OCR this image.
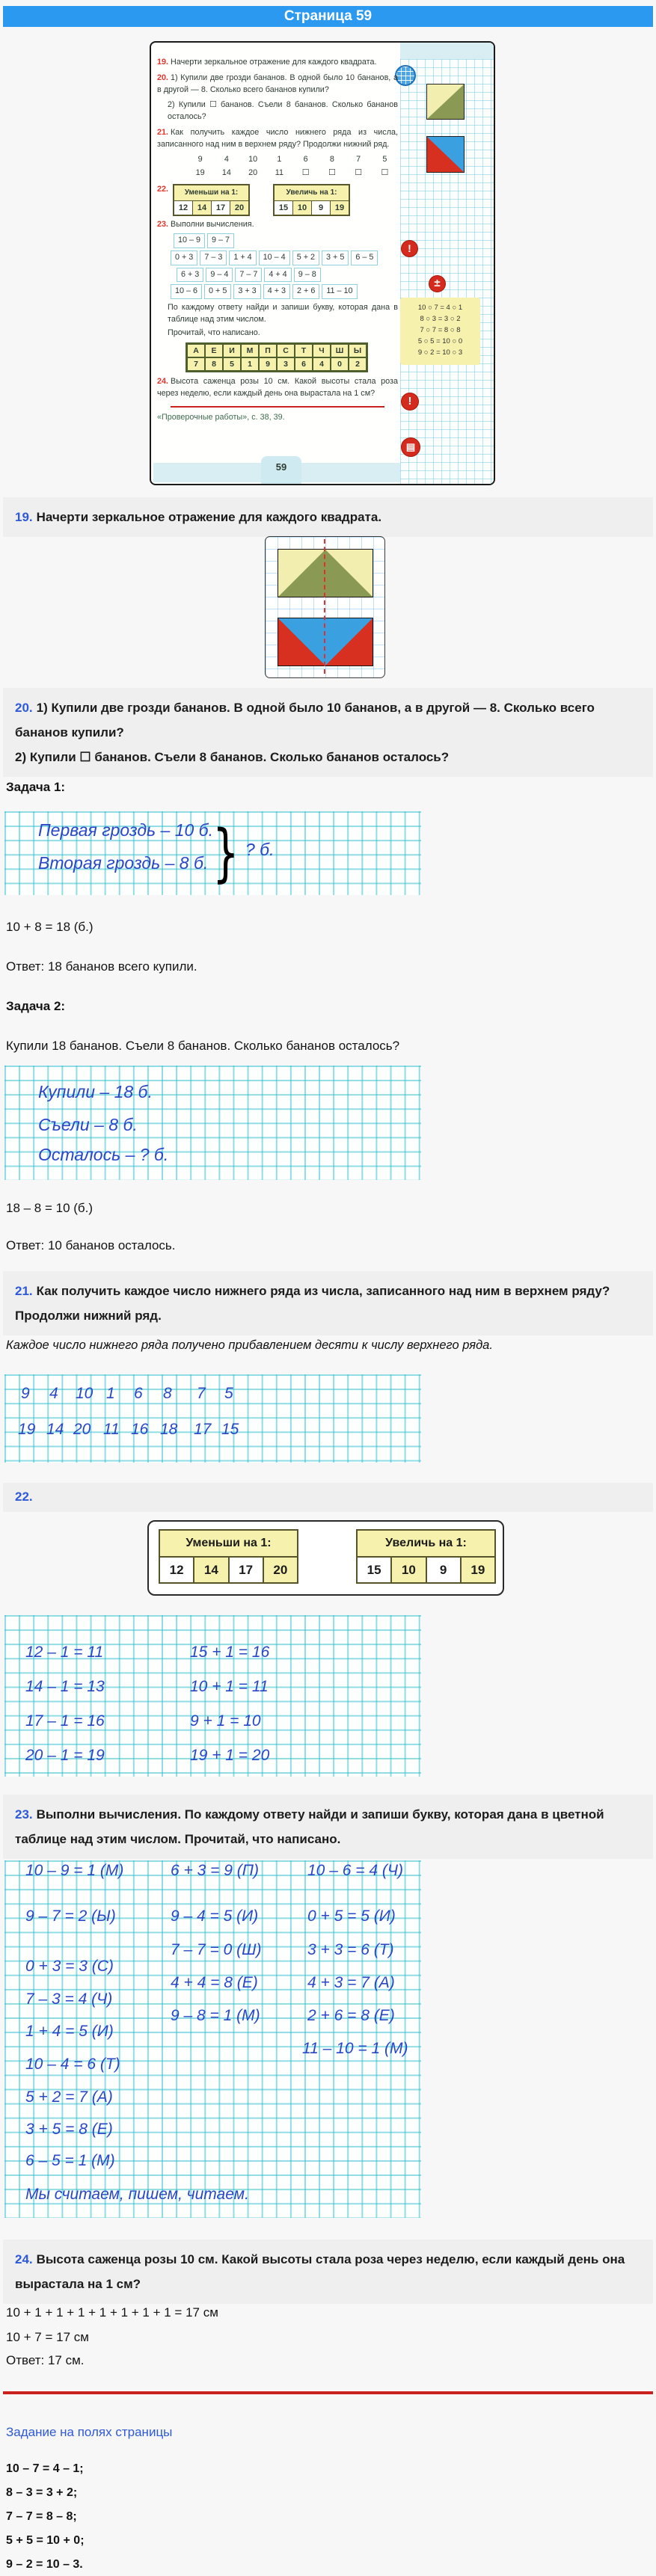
Страница 59
!
±
10 ○ 7 = 4 ○ 1
8 ○ 3 = 3 ○ 2
7 ○ 7 = 8 ○ 8
5 ○ 5 = 10 ○ 0
9 ○ 2 = 10 ○ 3
!
▤
59

19. Начерти зеркальное отражение для каждого квадрата.

20. 1) Купили две грозди бананов. В одной было 10 бананов, а в другой — 8. Сколько всего бананов купили?

2) Купили ☐ бананов. Съели 8 бананов. Сколько бананов осталось?

21. Как получить каждое число нижнего ряда из числа, записанного над ним в верхнем ряду? Продолжи нижний ряд.

9	4	10	1	6	8	7	5
19	14	20	11	☐	☐	☐	☐
22.	Уменьши на 1:
12	14	17	20

Увеличь на 1:
15	10	9	19

23. Выполни вычисления.

10 – 9	9 – 7
0 + 3	7 – 3	1 + 4	10 – 4	5 + 2	3 + 5	6 – 5
6 + 3	9 – 4	7 – 7	4 + 4	9 – 8
10 – 6	0 + 5	3 + 3	4 + 3	2 + 6	11 – 10

По каждому ответу найди и запиши букву, которая дана в таблице над этим числом.

Прочитай, что написано.

А	Е	И	М	П	С	Т	Ч	Ш	Ы
7	8	5	1	9	3	6	4	0	2

24. Высота саженца розы 10 см. Какой высоты стала роза через неделю, если каждый день она вырастала на 1 см?

«Проверочные работы», с. 38, 39.

19. Начерти зеркальное отражение для каждого квадрата.
20. 1) Купили две грозди бананов. В одной было 10 бананов, а в другой — 8. Сколько всего бананов купили?
2) Купили ☐ бананов. Съели 8 бананов. Сколько бананов осталось?
Задача 1:
Первая гроздь – 10 б.
Вторая гроздь – 8 б. } ? б.
10 + 8 = 18 (б.)
Ответ: 18 бананов всего купили.
Задача 2:
Купили 18 бананов. Съели 8 бананов. Сколько бананов осталось?
Купили – 18 б.
Съели – 8 б.
Осталось – ? б.
18 – 8 = 10 (б.)
Ответ: 10 бананов осталось.
21. Как получить каждое число нижнего ряда из числа, записанного над ним в верхнем ряду? Продолжи нижний ряд.
Каждое число нижнего ряда получено прибавлением десяти к числу верхнего ряда.
9 4 10 1 6 8 7 5
19 14 20 11 16 18 17 15
22.
Уменьши на 1:
12	14	17	20
Увеличь на 1:
15	10	9	19
12 – 1 = 11
14 – 1 = 13
17 – 1 = 16
20 – 1 = 19
15 + 1 = 16
10 + 1 = 11
9 + 1 = 10
19 + 1 = 20
23. Выполни вычисления. По каждому ответу найди и запиши букву, которая дана в цветной таблице над этим числом. Прочитай, что написано.
10 – 9 = 1 (М)
9 – 7 = 2 (Ы)
0 + 3 = 3 (С)
7 – 3 = 4 (Ч)
1 + 4 = 5 (И)
10 – 4 = 6 (Т)
5 + 2 = 7 (А)
3 + 5 = 8 (Е)
6 – 5 = 1 (М)
Мы считаем, пишем, читаем.
6 + 3 = 9 (П)
9 – 4 = 5 (И)
7 – 7 = 0 (Ш)
4 + 4 = 8 (Е)
9 – 8 = 1 (М)
10 – 6 = 4 (Ч)
0 + 5 = 5 (И)
3 + 3 = 6 (Т)
4 + 3 = 7 (А)
2 + 6 = 8 (Е)
11 – 10 = 1 (М)
24. Высота саженца розы 10 см. Какой высоты стала роза через неделю, если каждый день она вырастала на 1 см?
10 + 1 + 1 + 1 + 1 + 1 + 1 + 1 = 17 см
10 + 7 = 17 см
Ответ: 17 см.
Задание на полях страницы
10 – 7 = 4 – 1;
8 – 3 = 3 + 2;
7 – 7 = 8 – 8;
5 + 5 = 10 + 0;
9 – 2 = 10 – 3.
